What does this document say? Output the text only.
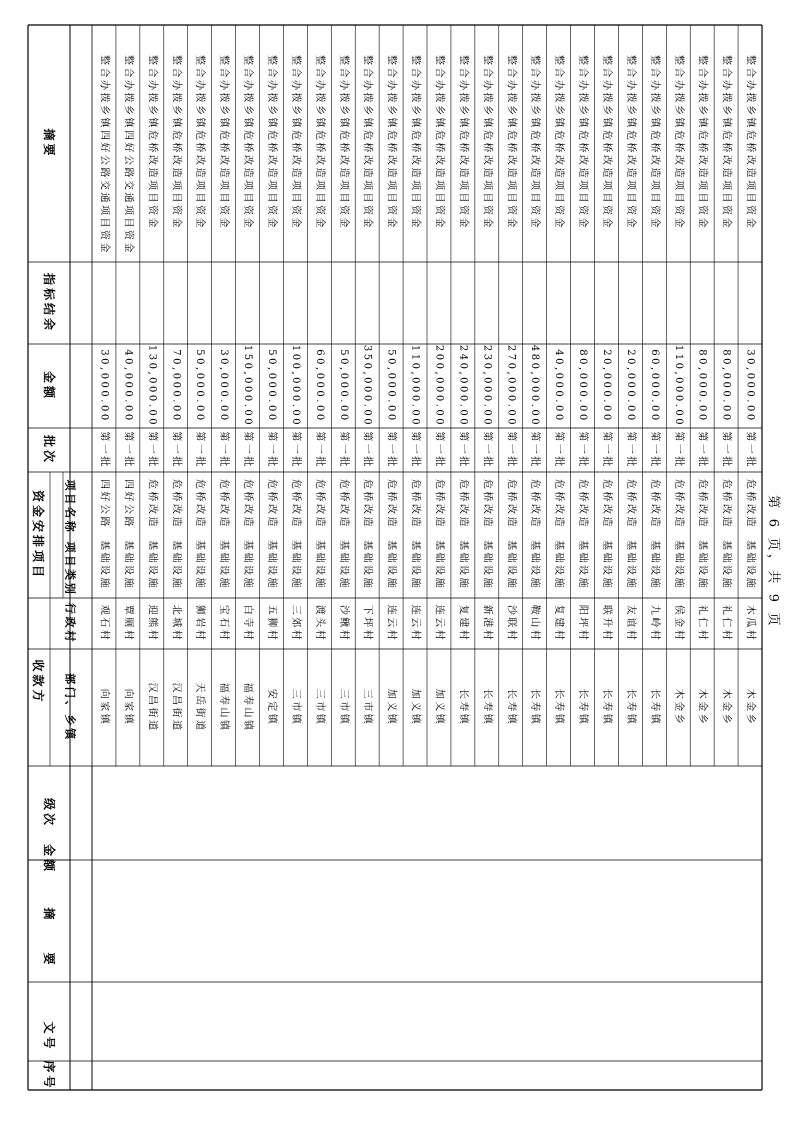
摘要
指标结余
金额
批次
资金安排项目 项目名称
项目类别
收款方
行政村
部门、乡镇
级次
金额
摘　　要
文号
序号
整合办拨乡镇四好公路交通项目资金
30,000.00
第一批
四好公路
基础设施
观石村
向家镇
整合办拨乡镇四好公路交通项目资金
40,000.00
第一批
四好公路
基础设施
覃厕村
向家镇
整合办拨乡镇危桥改造项目资金
130,000.00
第一批
危桥改造
基础设施
迎熊村
汉昌街道
整合办拨乡镇危桥改造项目资金
70,000.00
第一批
危桥改造
基础设施
北城村
汉昌街道
整合办拨乡镇危桥改造项目资金
50,000.00
第一批
危桥改造
基础设施
狮岩村
天岳街道
整合办拨乡镇危桥改造项目资金
30,000.00
第一批
危桥改造
基础设施
宝石村
福寿山镇
整合办拨乡镇危桥改造项目资金
150,000.00
第一批
危桥改造
基础设施
白寺村
福寿山镇
整合办拨乡镇危桥改造项目资金
50,000.00
第一批
危桥改造
基础设施
五狮村
安定镇
整合办拨乡镇危桥改造项目资金
100,000.00
第一批
危桥改造
基础设施
三郊村
三市镇
整合办拨乡镇危桥改造项目资金
60,000.00
第一批
危桥改造
基础设施
渡头村
三市镇
整合办拨乡镇危桥改造项目资金
50,000.00
第一批
危桥改造
基础设施
沙鳅村
三市镇
整合办拨乡镇危桥改造项目资金
350,000.00
第一批
危桥改造
基础设施
下坪村
三市镇
整合办拨乡镇危桥改造项目资金
50,000.00
第一批
危桥改造
基础设施
连云村
加义镇
整合办拨乡镇危桥改造项目资金
110,000.00
第一批
危桥改造
基础设施
连云村
加义镇
整合办拨乡镇危桥改造项目资金
200,000.00
第一批
危桥改造
基础设施
连云村
加义镇
整合办拨乡镇危桥改造项目资金
240,000.00
第一批
危桥改造
基础设施
复建村
长寿镇
整合办拨乡镇危桥改造项目资金
230,000.00
第一批
危桥改造
基础设施
新港村
长寿镇
整合办拨乡镇危桥改造项目资金
270,000.00
第一批
危桥改造
基础设施
沙联村
长寿镇
整合办拨乡镇危桥改造项目资金
480,000.00
第一批
危桥改造
基础设施
鞍山村
长寿镇
整合办拨乡镇危桥改造项目资金
40,000.00
第一批
危桥改造
基础设施
复建村
长寿镇
整合办拨乡镇危桥改造项目资金
80,000.00
第一批
危桥改造
基础设施
阳坪村
长寿镇
整合办拨乡镇危桥改造项目资金
20,000.00
第一批
危桥改造
基础设施
联升村
长寿镇
整合办拨乡镇危桥改造项目资金
20,000.00
第一批
危桥改造
基础设施
友谊村
长寿镇
整合办拨乡镇危桥改造项目资金
60,000.00
第一批
危桥改造
基础设施
九岭村
长寿镇
整合办拨乡镇危桥改造项目资金
110,000.00
第一批
危桥改造
基础设施
侯金村
木金乡
整合办拨乡镇危桥改造项目资金
80,000.00
第一批
危桥改造
基础设施
礼仁村
木金乡
整合办拨乡镇危桥改造项目资金
80,000.00
第一批
危桥改造
基础设施
礼仁村
木金乡
整合办拨乡镇危桥改造项目资金
30,000.00
第一批
危桥改造
基础设施
木瓜村
木金乡
第 6 页，共 9 页
